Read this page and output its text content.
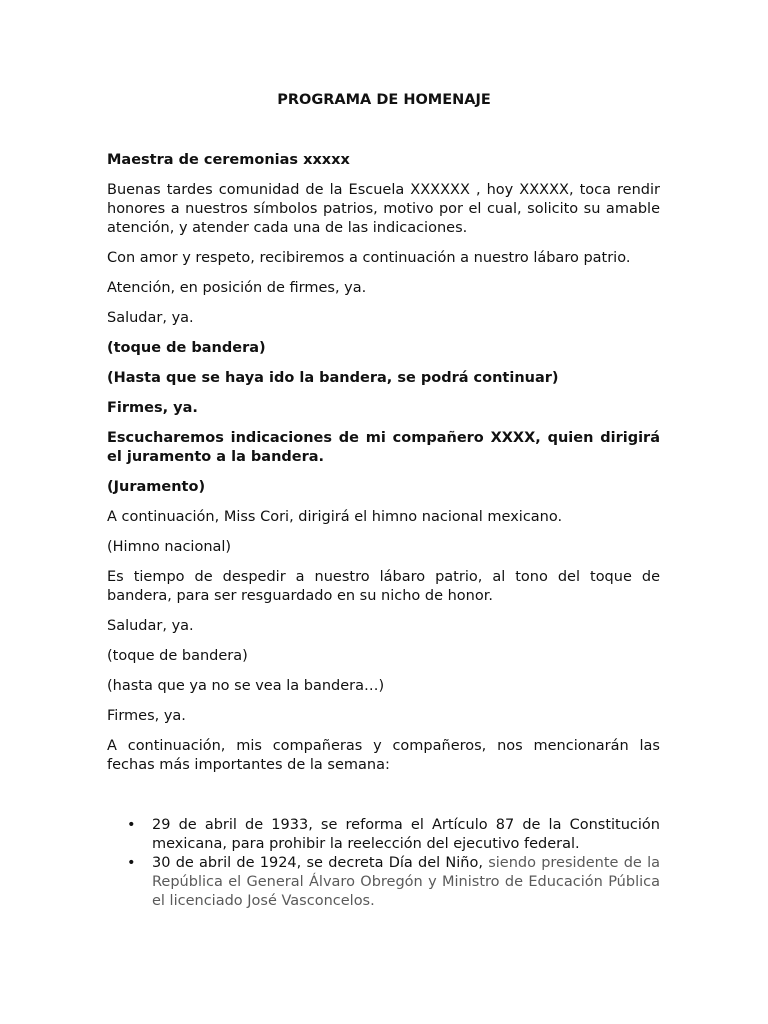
PROGRAMA DE HOMENAJE

Maestra de ceremonias xxxxx

Buenas tardes comunidad de la Escuela XXXXXX , hoy XXXXX, toca rendir honores a nuestros símbolos patrios, motivo por el cual, solicito su amable atención, y atender cada una de las indicaciones.

Con amor y respeto, recibiremos a continuación a nuestro lábaro patrio.

Atención, en posición de firmes, ya.

Saludar, ya.

(toque de bandera)

(Hasta que se haya ido la bandera, se podrá continuar)

Firmes, ya.

Escucharemos indicaciones de mi compañero XXXX, quien dirigirá el juramento a la bandera.

(Juramento)

A continuación, Miss Cori, dirigirá el himno nacional mexicano.

(Himno nacional)

Es tiempo de despedir a nuestro lábaro patrio, al tono del toque de bandera, para ser resguardado en su nicho de honor.

Saludar, ya.

(toque de bandera)

(hasta que ya no se vea la bandera…)

Firmes, ya.

A continuación, mis compañeras y compañeros, nos mencionarán las fechas más importantes de la semana:

• 29 de abril de 1933, se reforma el Artículo 87 de la Constitución mexicana, para prohibir la reelección del ejecutivo federal.
• 30 de abril de 1924, se decreta Día del Niño, siendo presidente de la República el General Álvaro Obregón y Ministro de Educación Pública el licenciado José Vasconcelos.
